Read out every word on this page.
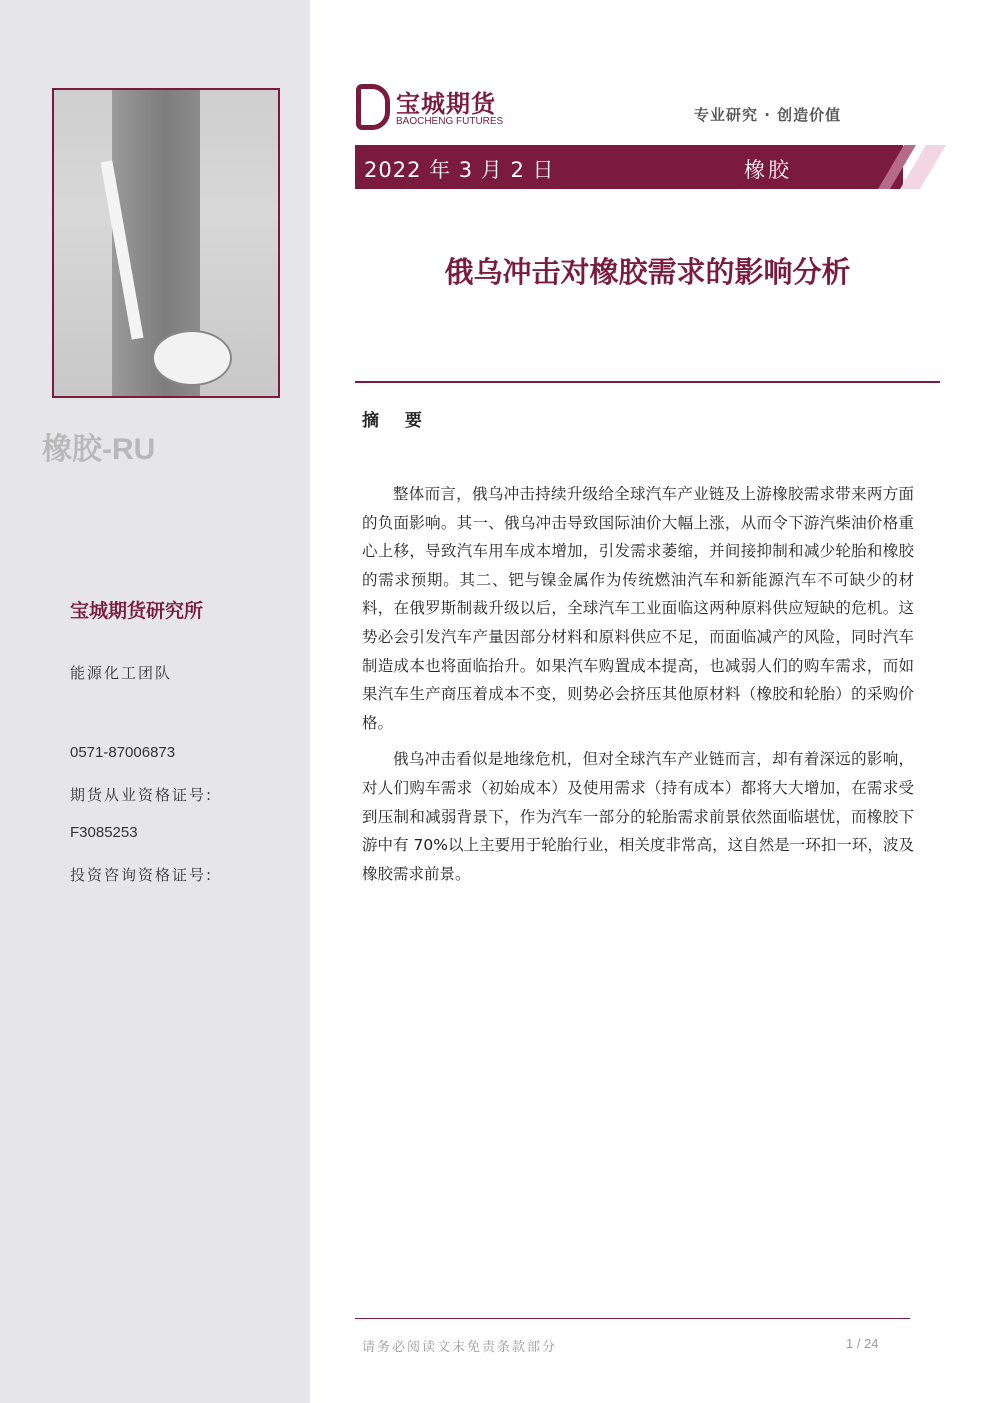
橡胶-RU
宝城期货研究所
能源化工团队
0571-87006873
期货从业资格证号:
F3085253
投资咨询资格证号:
宝城期货
BAOCHENG FUTURES	专业研究 · 创造价值
2022 年 3 月 2 日	橡胶
俄乌冲击对橡胶需求的影响分析
摘 要

整体而言，俄乌冲击持续升级给全球汽车产业链及上游橡胶需求带来两方面的负面影响。其一、俄乌冲击导致国际油价大幅上涨，从而令下游汽柴油价格重心上移，导致汽车用车成本增加，引发需求萎缩，并间接抑制和减少轮胎和橡胶的需求预期。其二、钯与镍金属作为传统燃油汽车和新能源汽车不可缺少的材料，在俄罗斯制裁升级以后，全球汽车工业面临这两种原料供应短缺的危机。这势必会引发汽车产量因部分材料和原料供应不足，而面临减产的风险，同时汽车制造成本也将面临抬升。如果汽车购置成本提高，也减弱人们的购车需求，而如果汽车生产商压着成本不变，则势必会挤压其他原材料（橡胶和轮胎）的采购价格。

俄乌冲击看似是地缘危机，但对全球汽车产业链而言，却有着深远的影响，对人们购车需求（初始成本）及使用需求（持有成本）都将大大增加，在需求受到压制和减弱背景下，作为汽车一部分的轮胎需求前景依然面临堪忧，而橡胶下游中有 70%以上主要用于轮胎行业，相关度非常高，这自然是一环扣一环，波及橡胶需求前景。

请务必阅读文末免责条款部分	1 / 24
